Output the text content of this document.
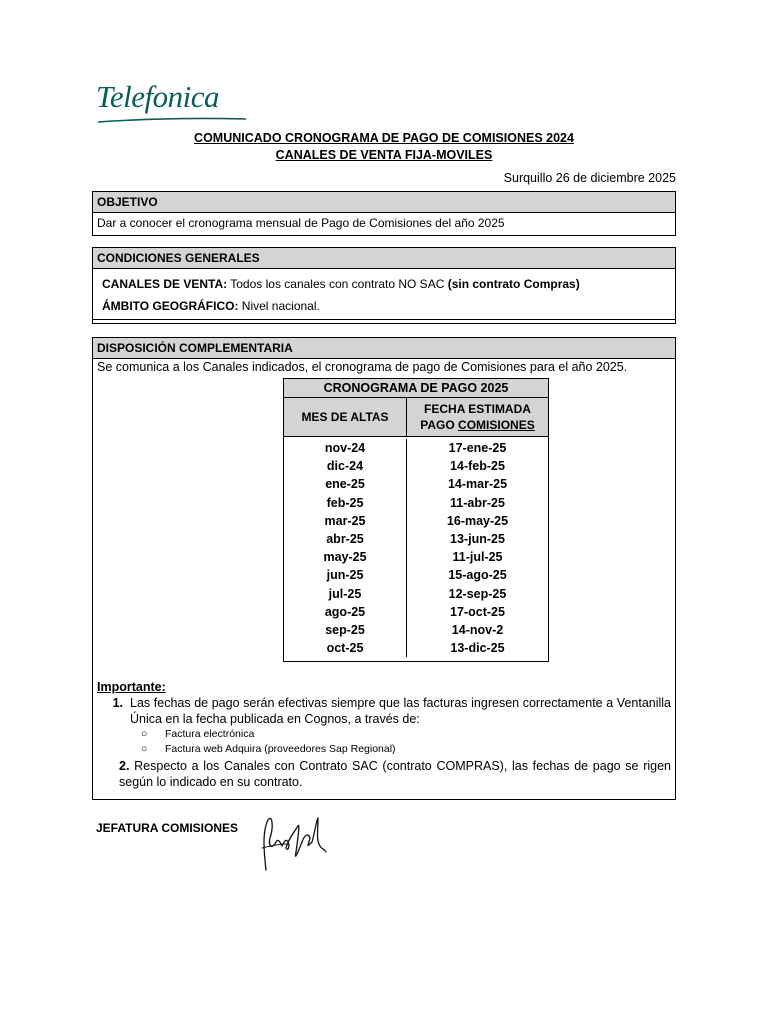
Telefonica
COMUNICADO CRONOGRAMA DE PAGO DE COMISIONES 2024
CANALES DE VENTA FIJA-MOVILES
Surquillo 26 de diciembre 2025
OBJETIVO
Dar a conocer el cronograma mensual de Pago de Comisiones del año 2025
CONDICIONES GENERALES
CANALES DE VENTA: Todos los canales con contrato NO SAC (sin contrato Compras)
ÁMBITO GEOGRÁFICO: Nivel nacional.
DISPOSICIÓN COMPLEMENTARIA
Se comunica a los Canales indicados, el cronograma de pago de Comisiones para el año 2025.
CRONOGRAMA DE PAGO 2025
MES DE ALTAS
FECHA ESTIMADA
PAGO COMISIONES
nov-24
dic-24
ene-25
feb-25
mar-25
abr-25
may-25
jun-25
jul-25
ago-25
sep-25
oct-25
17-ene-25
14-feb-25
14-mar-25
11-abr-25
16-may-25
13-jun-25
11-jul-25
15-ago-25
12-sep-25
17-oct-25
14-nov-2
13-dic-25
Importante:
1. Las fechas de pago serán efectivas siempre que las facturas ingresen correctamente a Ventanilla Única en la fecha publicada en Cognos, a través de:
○	Factura electrónica
○	Factura web Adquira (proveedores Sap Regional)
2. Respecto a los Canales con Contrato SAC (contrato COMPRAS), las fechas de pago se rigen según lo indicado en su contrato.
JEFATURA COMISIONES
